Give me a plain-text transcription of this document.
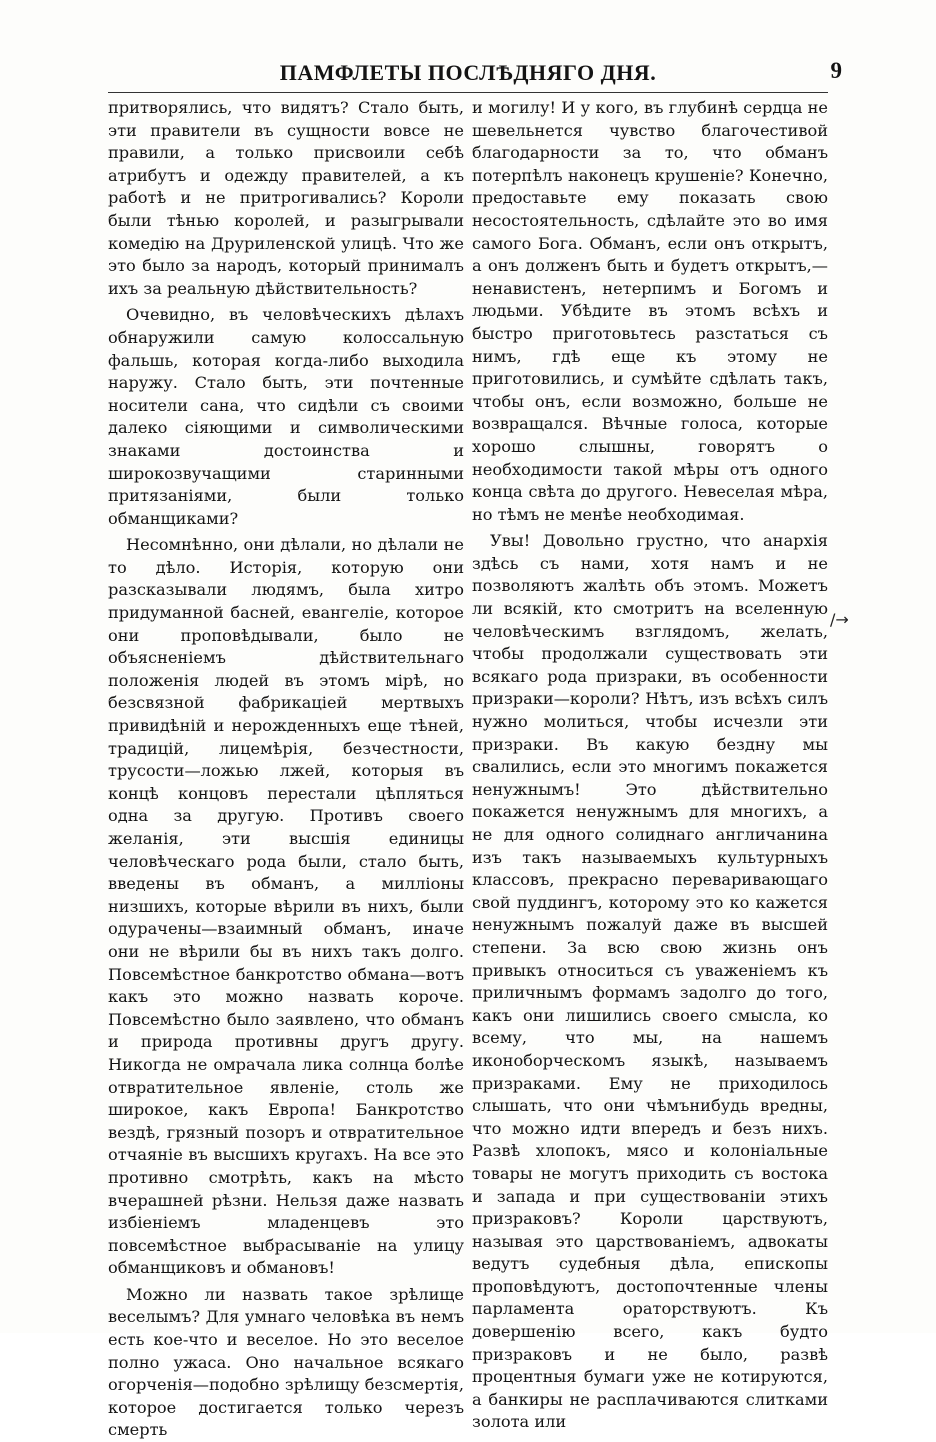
ПАМФЛЕТЫ ПОСЛѢДНЯГО ДНЯ.	9

притворялись, что видятъ? Стало быть, эти правители въ сущности вовсе не правили, а только присвоили себѣ атрибутъ и одежду правителей, а къ работѣ и не притрогивались? Короли были тѣнью королей, и разыгрывали комедію на Друриленской улицѣ. Что же это было за народъ, который принималъ ихъ за реальную дѣйствительность?

Очевидно, въ человѣческихъ дѣлахъ обнаружили самую колоссальную фальшь, которая когда-либо выходила наружу. Стало быть, эти почтенные носители сана, что сидѣли съ своими далеко сіяющими и символическими знаками достоинства и широкозвучащими старинными притязаніями, были только обманщиками?

Несомнѣнно, они дѣлали, но дѣлали не то дѣло. Исторія, которую они разсказывали людямъ, была хитро придуманной басней, евангеліе, которое они проповѣдывали, было не объясненіемъ дѣйствительнаго положенія людей въ этомъ мірѣ, но безсвязной фабрикаціей мертвыхъ привидѣній и нерожденныхъ еще тѣней, традицій, лицемѣрія, безчестности, трусости—ложью лжей, которыя въ концѣ концовъ перестали цѣпляться одна за другую. Противъ своего желанія, эти высшія единицы человѣческаго рода были, стало быть, введены въ обманъ, а милліоны низшихъ, которые вѣрили въ нихъ, были одурачены—взаимный обманъ, иначе они не вѣрили бы въ нихъ такъ долго. Повсемѣстное банкротство обмана—вотъ какъ это можно назвать короче. Повсемѣстно было заявлено, что обманъ и природа противны другъ другу. Никогда не омрачала лика солнца болѣе отвратительное явленіе, столь же широкое, какъ Европа! Банкротство вездѣ, грязный позоръ и отвратительное отчаяніе въ высшихъ кругахъ. На все это противно смотрѣть, какъ на мѣсто вчерашней рѣзни. Нельзя даже назвать избіеніемъ младенцевъ это повсемѣстное выбрасываніе на улицу обманщиковъ и обмановъ!

Можно ли назвать такое зрѣлище веселымъ? Для умнаго человѣка въ немъ есть кое-что и веселое. Но это веселое полно ужаса. Оно начальное всякаго огорченія—подобно зрѣлищу безсмертія, которое достигается только черезъ смерть

и могилу! И у кого, въ глубинѣ сердца не шевельнется чувство благочестивой благодарности за то, что обманъ потерпѣлъ наконецъ крушеніе? Конечно, предоставьте ему показать свою несостоятельность, сдѣлайте это во имя самого Бога. Обманъ, если онъ открытъ, а онъ долженъ быть и будетъ открытъ,—ненавистенъ, нетерпимъ и Богомъ и людьми. Убѣдите въ этомъ всѣхъ и быстро приготовьтесь разстаться съ нимъ, гдѣ еще къ этому не приготовились, и сумѣйте сдѣлать такъ, чтобы онъ, если возможно, больше не возвращался. Вѣчные голоса, которые хорошо слышны, говорятъ о необходимости такой мѣры отъ одного конца свѣта до другого. Невеселая мѣра, но тѣмъ не менѣе необходимая.

Увы! Довольно грустно, что анархія здѣсь съ нами, хотя намъ и не позволяютъ жалѣть объ этомъ. Можетъ ли всякій, кто смотритъ на вселенную человѣческимъ взглядомъ, желать, чтобы продолжали существовать эти всякаго рода призраки, въ особенности призраки—короли? Нѣтъ, изъ всѣхъ силъ нужно молиться, чтобы исчезли эти призраки. Въ какую бездну мы свалились, если это многимъ покажется ненужнымъ! Это дѣйствительно покажется ненужнымъ для многихъ, а не для одного солиднаго англичанина изъ такъ называемыхъ культурныхъ классовъ, прекрасно переваривающаго свой пуддингъ, которому это ко кажется ненужнымъ пожалуй даже въ высшей степени. За всю свою жизнь онъ привыкъ относиться съ уваженіемъ къ приличнымъ формамъ задолго до того, какъ они лишились своего смысла, ко всему, что мы, на нашемъ иконоборческомъ языкѣ, называемъ призраками. Ему не приходилось слышать, что они чѣмънибудь вредны, что можно идти впередъ и безъ нихъ. Развѣ хлопокъ, мясо и колоніальные товары не могутъ приходить съ востока и запада и при существованіи этихъ призраковъ? Короли царствуютъ, называя это царствованіемъ, адвокаты ведутъ судебныя дѣла, епископы проповѣдуютъ, достопочтенные члены парламента ораторствуютъ. Къ довершенію всего, какъ будто призраковъ и не было, развѣ процентныя бумаги уже не котируются, а банкиры не расплачиваются слитками золота или

/→
